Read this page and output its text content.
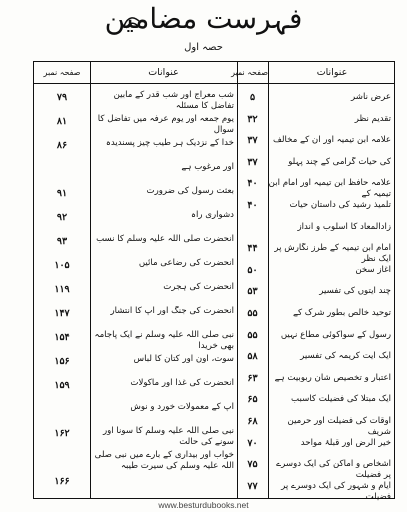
فہرست مضامین
حصہ اول
عنوانات
صفحہ نمبر
عنوانات
صفحہ نمبر
عرض ناشر
۵
تقدیم نظر
۳۲
علامہ ابن تیمیہ اور ان کے مخالف
۳۷
کی حیات گرامی کے چند پہلو
۳۷
علامہ حافظ ابن تیمیہ اور امام ابن تیمیہ کے
۴۰
تلمیذ رشید کی داستان حیات
۴۰
زادالمعاد کا اسلوب و انداز
امام ابن تیمیہ کے طرز نگارش پر ایک نظر
۴۴
آغاز سخن
۵۰
چند آیتوں کی تفسیر
۵۳
توحید خالص بطور شرک کے
۵۵
رسول کے سواکوئی مطاع نہیں
۵۵
ایک آیت کریمہ کی تفسیر
۵۸
اعتبار و تخصیص شان ربوبیت ہے
۶۳
ایک مبتلا کی فضیلت کاسبب
۶۵
اوقات کی فضیلت اور حرمین شریف
۶۸
خیر الرض اور قبلۂ مواحد
۷۰
اشخاص و اماکن کی ایک دوسرے پر فضیلت
۷۵
ایام و شہور کی ایک دوسرے پر فضیلت
۷۷
شب معراج اور شب قدر کے مابین تفاضل کا مسئلہ
۷۹
یوم جمعہ اور یوم عرفہ میں تفاضل کا سوال
۸۱
خدا کے نزدیک ہر طیب چیز پسندیدہ
۸۶
اور مرغوب ہے
بعثت رسول کی ضرورت
۹۱
دشواری راہ
۹۲
آنحضرت صلی اللہ علیہ وسلم کا نسب
۹۳
آنحضرت کی رضاعی مائیں
۱۰۵
آنحضرت کی ہجرت
۱۱۹
آنحضرت کی جنگ اور آپ کا انتشار
۱۴۷
نبی صلی اللہ علیہ وسلم نے ایک پاجامہ بھی خریدا
۱۵۴
سوت، اون اور کتان کا لباس
۱۵۶
آنحضرت کی غذا اور ماکولات
۱۵۹
آپ کے معمولات خورد و نوش
نبی صلی اللہ علیہ وسلم کا سونا اور سونے کی حالت
۱۶۲
خواب اور بیداری کے بارے میں نبی صلی اللہ علیہ وسلم کی سیرت طیبہ
۱۶۶
www.besturdubooks.net
